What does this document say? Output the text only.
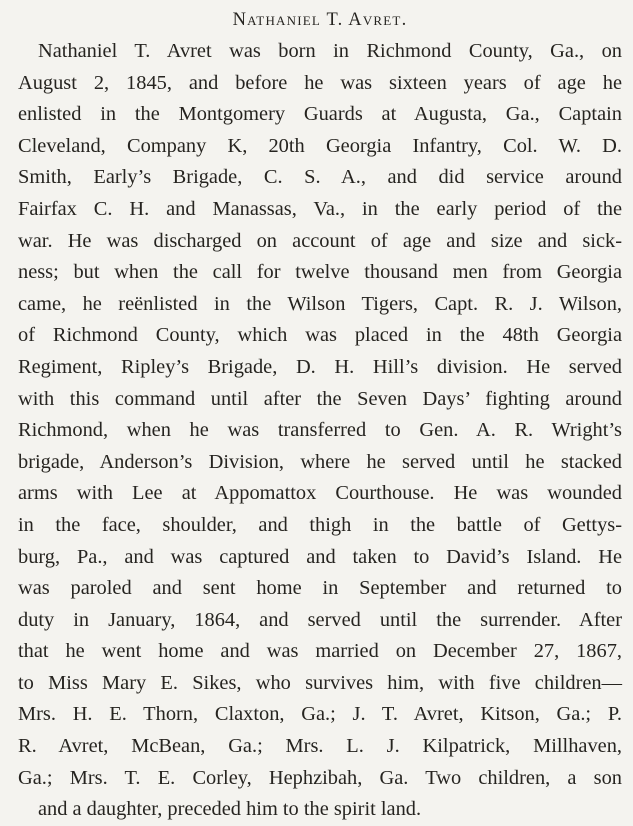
Nathaniel T. Avret.
Nathaniel T. Avret was born in Richmond County, Ga., on
August 2, 1845, and before he was sixteen years of age he
enlisted in the Montgomery Guards at Augusta, Ga., Captain
Cleveland, Company K, 20th Georgia Infantry, Col. W. D.
Smith, Early’s Brigade, C. S. A., and did service around
Fairfax C. H. and Manassas, Va., in the early period of the
war. He was discharged on account of age and size and sick-
ness; but when the call for twelve thousand men from Georgia
came, he reënlisted in the Wilson Tigers, Capt. R. J. Wilson,
of Richmond County, which was placed in the 48th Georgia
Regiment, Ripley’s Brigade, D. H. Hill’s division. He served
with this command until after the Seven Days’ fighting around
Richmond, when he was transferred to Gen. A. R. Wright’s
brigade, Anderson’s Division, where he served until he stacked
arms with Lee at Appomattox Courthouse. He was wounded
in the face, shoulder, and thigh in the battle of Gettys-
burg, Pa., and was captured and taken to David’s Island. He
was paroled and sent home in September and returned to
duty in January, 1864, and served until the surrender. After
that he went home and was married on December 27, 1867,
to Miss Mary E. Sikes, who survives him, with five children—
Mrs. H. E. Thorn, Claxton, Ga.; J. T. Avret, Kitson, Ga.; P.
R. Avret, McBean, Ga.; Mrs. L. J. Kilpatrick, Millhaven,
Ga.; Mrs. T. E. Corley, Hephzibah, Ga. Two children, a son
and a daughter, preceded him to the spirit land.
